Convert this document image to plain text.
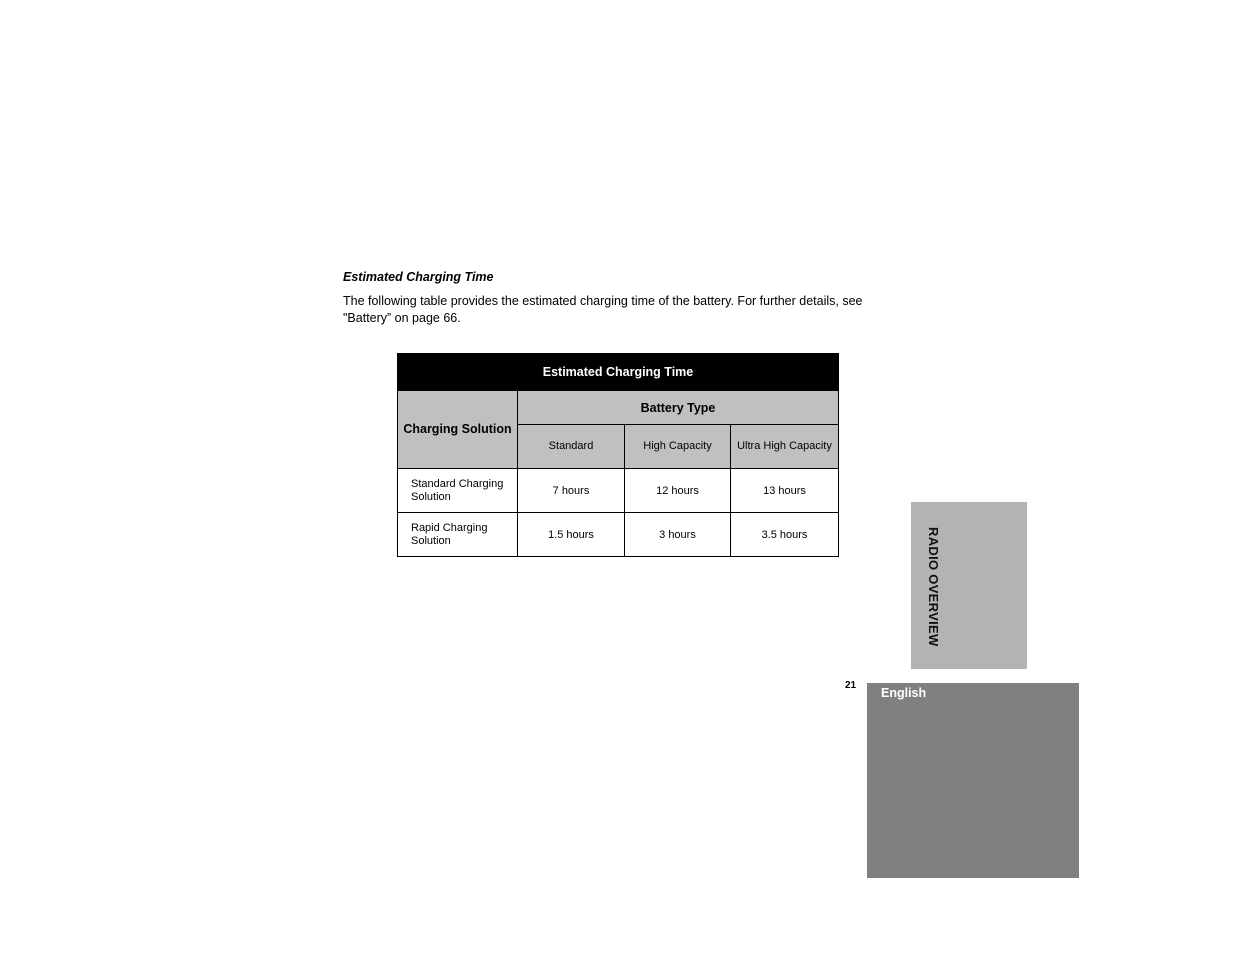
Estimated Charging Time

The following table provides the estimated charging time of the battery. For further details, see "Battery” on page 66.

Estimated Charging Time			
Charging Solution	Battery Type		
	Standard	High Capacity	Ultra High Capacity
Standard Charging Solution	7 hours	12 hours	13 hours
Rapid Charging Solution	1.5 hours	3 hours	3.5 hours	RADIO OVERVIEW
21
English
